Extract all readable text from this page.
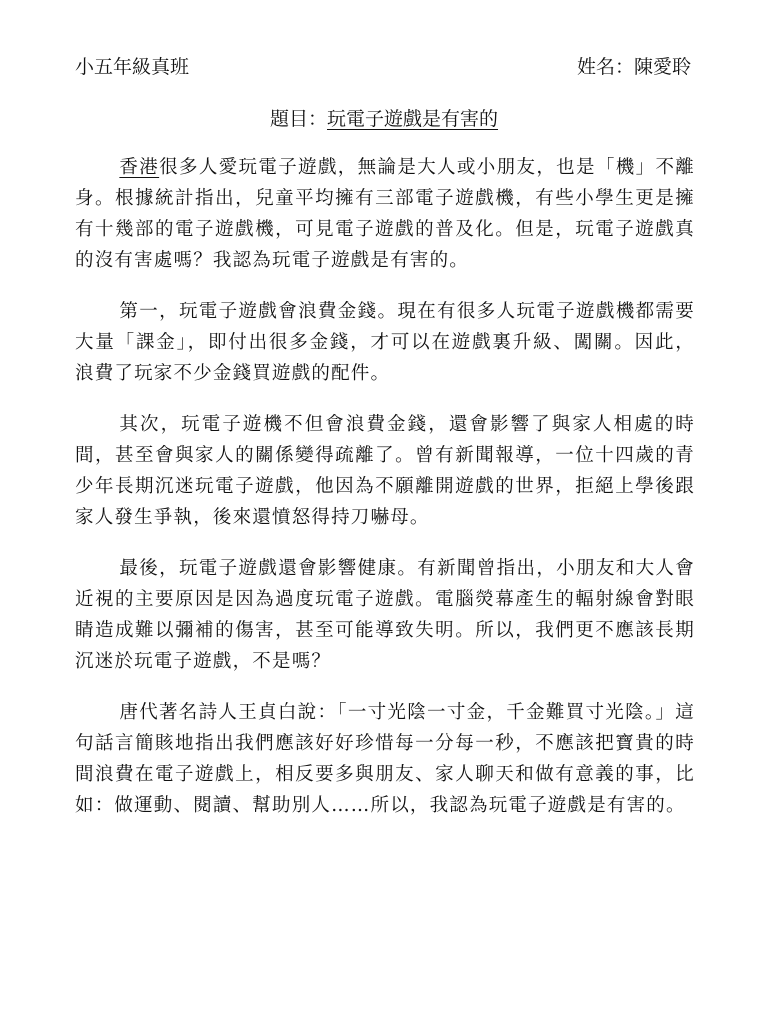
小五年級真班	姓名：陳愛聆
題目：玩電子遊戲是有害的

香港很多人愛玩電子遊戲，無論是大人或小朋友，也是「機」不離身。根據統計指出，兒童平均擁有三部電子遊戲機，有些小學生更是擁有十幾部的電子遊戲機，可見電子遊戲的普及化。但是，玩電子遊戲真的沒有害處嗎？我認為玩電子遊戲是有害的。

第一，玩電子遊戲會浪費金錢。現在有很多人玩電子遊戲機都需要大量「課金」，即付出很多金錢，才可以在遊戲裏升級、闖關。因此，浪費了玩家不少金錢買遊戲的配件。

其次，玩電子遊機不但會浪費金錢，還會影響了與家人相處的時間，甚至會與家人的關係變得疏離了。曾有新聞報導，一位十四歲的青少年長期沉迷玩電子遊戲，他因為不願離開遊戲的世界，拒絕上學後跟家人發生爭執，後來還憤怒得持刀嚇母。

最後，玩電子遊戲還會影響健康。有新聞曾指出，小朋友和大人會近視的主要原因是因為過度玩電子遊戲。電腦熒幕產生的輻射線會對眼睛造成難以彌補的傷害，甚至可能導致失明。所以，我們更不應該長期沉迷於玩電子遊戲，不是嗎？

唐代著名詩人王貞白說：「一寸光陰一寸金，千金難買寸光陰。」這句話言簡賅地指出我們應該好好珍惜每一分每一秒，不應該把寶貴的時間浪費在電子遊戲上，相反要多與朋友、家人聊天和做有意義的事，比如：做運動、閱讀、幫助別人……所以，我認為玩電子遊戲是有害的。
